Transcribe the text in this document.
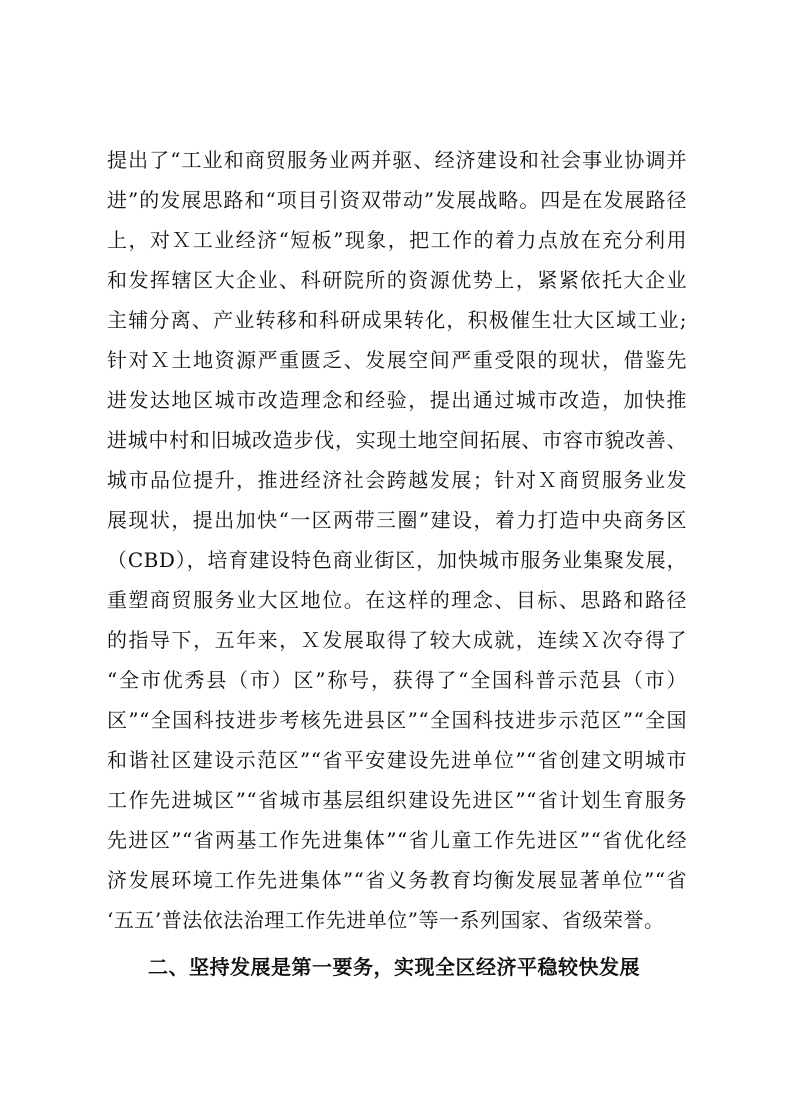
提出了“工业和商贸服务业两并驱、经济建设和社会事业协调并
进”的发展思路和“项目引资双带动”发展战略。四是在发展路径
上，对Ｘ工业经济“短板”现象，把工作的着力点放在充分利用
和发挥辖区大企业、科研院所的资源优势上，紧紧依托大企业
主辅分离、产业转移和科研成果转化，积极催生壮大区域工业;
针对Ｘ土地资源严重匮乏、发展空间严重受限的现状，借鉴先
进发达地区城市改造理念和经验，提出通过城市改造，加快推
进城中村和旧城改造步伐，实现土地空间拓展、市容市貌改善、
城市品位提升，推进经济社会跨越发展；针对Ｘ商贸服务业发
展现状，提出加快“一区两带三圈”建设，着力打造中央商务区
（CBD），培育建设特色商业街区，加快城市服务业集聚发展，
重塑商贸服务业大区地位。在这样的理念、目标、思路和路径
的指导下，五年来，Ｘ发展取得了较大成就，连续Ｘ次夺得了
“全市优秀县（市）区”称号，获得了“全国科普示范县（市）
区”“全国科技进步考核先进县区”“全国科技进步示范区”“全国
和谐社区建设示范区”“省平安建设先进单位”“省创建文明城市
工作先进城区”“省城市基层组织建设先进区”“省计划生育服务
先进区”“省两基工作先进集体”“省儿童工作先进区”“省优化经
济发展环境工作先进集体”“省义务教育均衡发展显著单位”“省
‘五五’普法依法治理工作先进单位”等一系列国家、省级荣誉。
二、坚持发展是第一要务，实现全区经济平稳较快发展
